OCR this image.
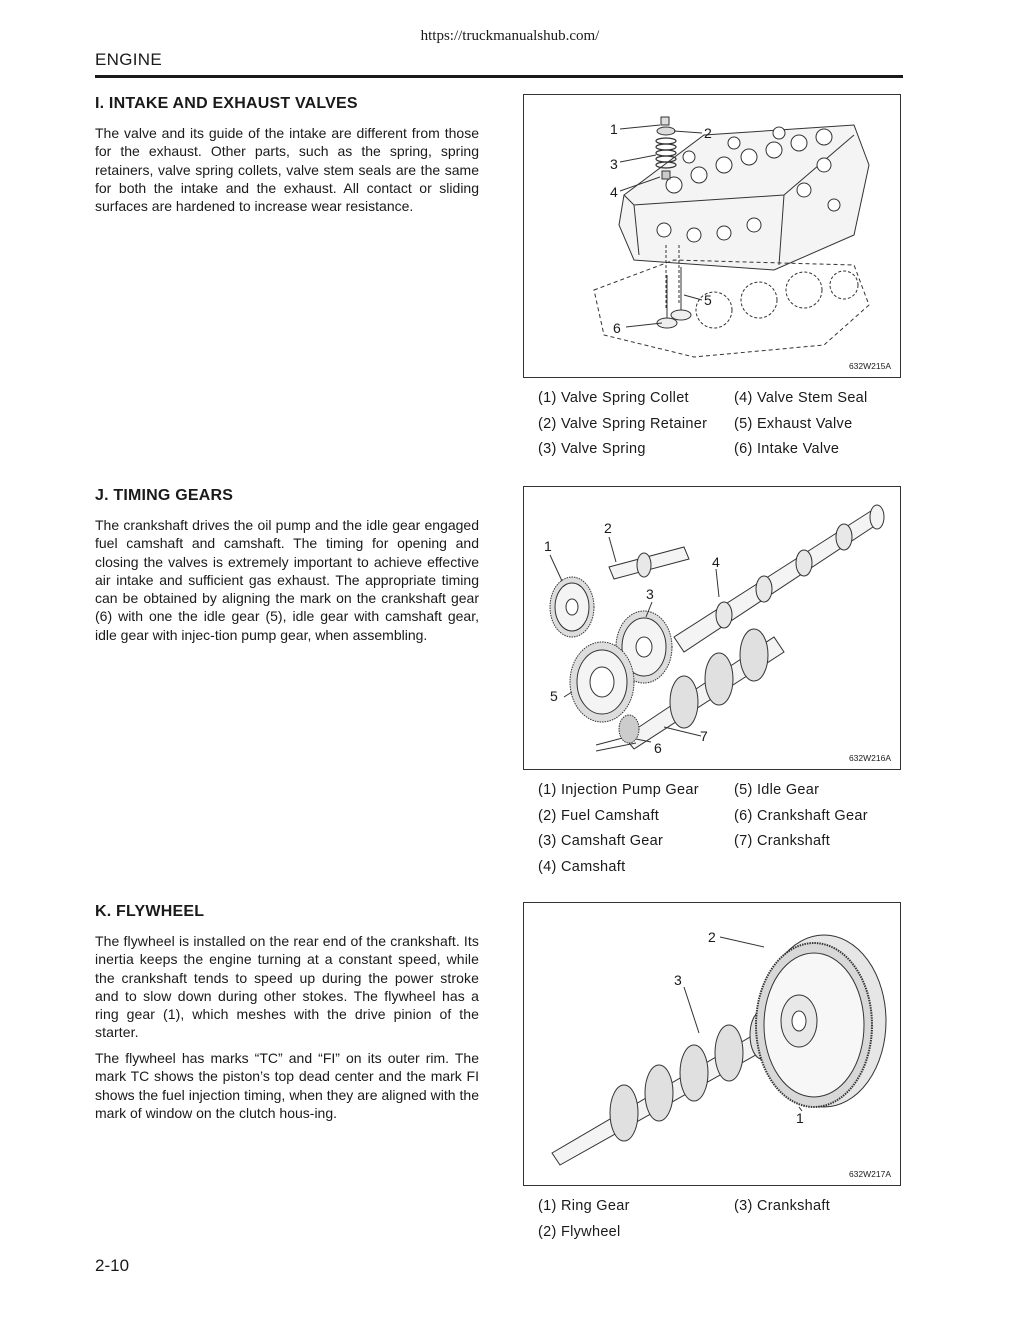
https://truckmanualshub.com/
ENGINE
I. INTAKE AND EXHAUST VALVES

The valve and its guide of the intake are different from those for the exhaust. Other parts, such as the spring, spring retainers, valve spring collets, valve stem seals are the same for both the intake and the exhaust. All contact or sliding surfaces are hardened to increase wear resistance.

1	2
3
4
5
6
632W215A
(1) Valve Spring Collet
(2) Valve Spring Retainer
(3) Valve Spring
(4) Valve Stem Seal
(5) Exhaust Valve
(6) Intake Valve
J. TIMING GEARS

The crankshaft drives the oil pump and the idle gear engaged fuel camshaft and camshaft. The timing for opening and closing the valves is extremely important to achieve effective air intake and sufficient gas exhaust. The appropriate timing can be obtained by aligning the mark on the crankshaft gear (6) with one the idle gear (5), idle gear with camshaft gear, idle gear with injec-tion pump gear, when assembling.

2
1
4
3
5
7
6
632W216A
(1) Injection Pump Gear
(2) Fuel Camshaft
(3) Camshaft Gear
(4) Camshaft
(5) Idle Gear
(6) Crankshaft Gear
(7) Crankshaft
K. FLYWHEEL

The flywheel is installed on the rear end of the crankshaft. Its inertia keeps the engine turning at a constant speed, while the crankshaft tends to speed up during the power stroke and to slow down during other stokes. The flywheel has a ring gear (1), which meshes with the drive pinion of the starter.

The flywheel has marks “TC” and “FI” on its outer rim. The mark TC shows the piston’s top dead center and the mark FI shows the fuel injection timing, when they are aligned with the mark of window on the clutch hous-ing.

2
3
1
632W217A
(1) Ring Gear
(2) Flywheel
(3) Crankshaft
2-10
